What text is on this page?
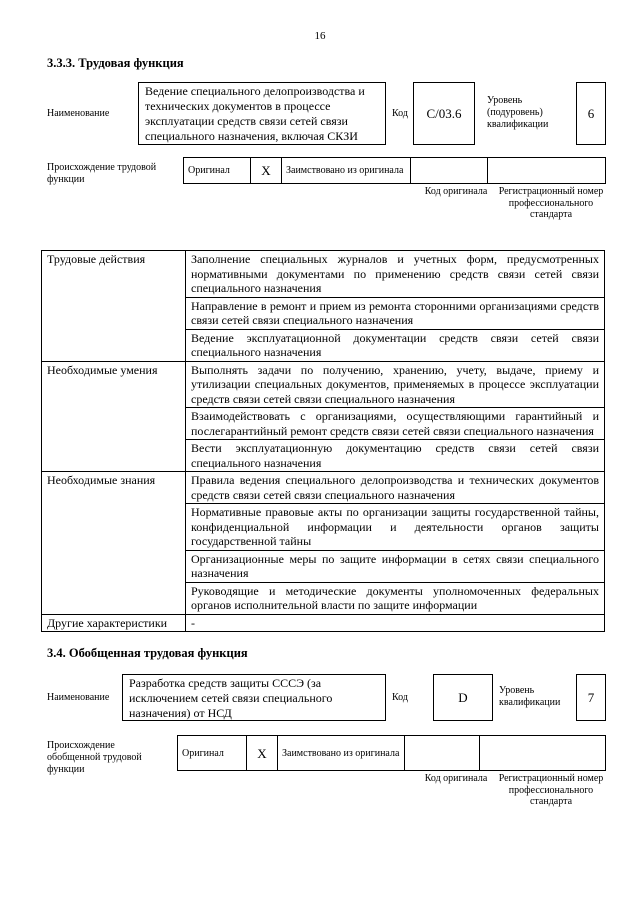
16
3.3.3. Трудовая функция
Наименование
Ведение специального делопроизводства и технических документов в процессе эксплуатации средств связи сетей связи специального назначения, включая СКЗИ
Код	C/03.6
Уровень (подуровень) квалификации
6
Происхождение трудовой функции
Оригинал	X	Заимствовано из оригинала		
Код оригинала	Регистрационный номер профессионального стандарта
Трудовые действия	Заполнение специальных журналов и учетных форм, предусмотренных нормативными документами по применению средств связи сетей связи специального назначения
	Направление в ремонт и прием из ремонта сторонними организациями средств связи сетей связи специального назначения
	Ведение эксплуатационной документации средств связи сетей связи специального назначения
Необходимые умения	Выполнять задачи по получению, хранению, учету, выдаче, приему и утилизации специальных документов, применяемых в процессе эксплуатации средств связи сетей связи специального назначения
	Взаимодействовать с организациями, осуществляющими гарантийный и послегарантийный ремонт средств связи сетей связи специального назначения
	Вести эксплуатационную документацию средств связи сетей связи специального назначения
Необходимые знания	Правила ведения специального делопроизводства и технических документов средств связи сетей связи специального назначения
	Нормативные правовые акты по организации защиты государственной тайны, конфиденциальной информации и деятельности органов защиты государственной тайны
	Организационные меры по защите информации в сетях связи специального назначения
	Руководящие и методические документы уполномоченных федеральных органов исполнительной власти по защите информации
Другие характеристики	-
3.4. Обобщенная трудовая функция
Наименование
Разработка средств защиты СССЭ (за исключением сетей связи специального назначения) от НСД
Код	D	Уровень квалификации	7
Происхождение обобщенной трудовой функции
Оригинал	X	Заимствовано из оригинала		
Код оригинала	Регистрационный номер профессионального стандарта
